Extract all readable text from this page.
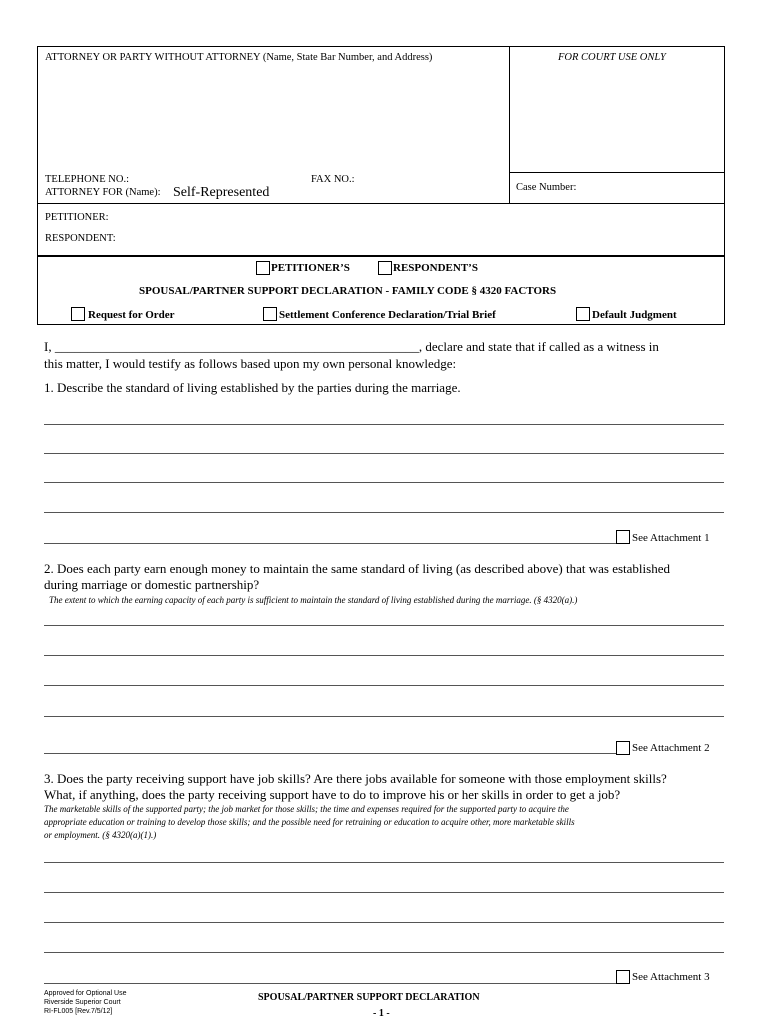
ATTORNEY OR PARTY WITHOUT ATTORNEY (Name, State Bar Number, and Address)	FOR COURT USE ONLY
TELEPHONE NO.:	FAX NO.:
ATTORNEY FOR (Name): Self-Represented	Case Number:
PETITIONER:
RESPONDENT:
PETITIONER’S	RESPONDENT’S
SPOUSAL/PARTNER SUPPORT DECLARATION - FAMILY CODE § 4320 FACTORS
Request for Order	Settlement Conference Declaration/Trial Brief	Default Judgment
I, ________________________________________________________, declare and state that if called as a witness in
this matter, I would testify as follows based upon my own personal knowledge:
1. Describe the standard of living established by the parties during the marriage.
See Attachment 1
2. Does each party earn enough money to maintain the same standard of living (as described above) that was established
during marriage or domestic partnership?
The extent to which the earning capacity of each party is sufficient to maintain the standard of living established during the marriage. (§ 4320(a).)
See Attachment 2
3. Does the party receiving support have job skills? Are there jobs available for someone with those employment skills?
What, if anything, does the party receiving support have to do to improve his or her skills in order to get a job?
The marketable skills of the supported party; the job market for those skills; the time and expenses required for the supported party to acquire the
appropriate education or training to develop those skills; and the possible need for retraining or education to acquire other, more marketable skills
or employment. (§ 4320(a)(1).)
See Attachment 3
Approved for Optional Use
Riverside Superior Court
RI-FL005 [Rev.7/5/12]
SPOUSAL/PARTNER SUPPORT DECLARATION
- 1 -
